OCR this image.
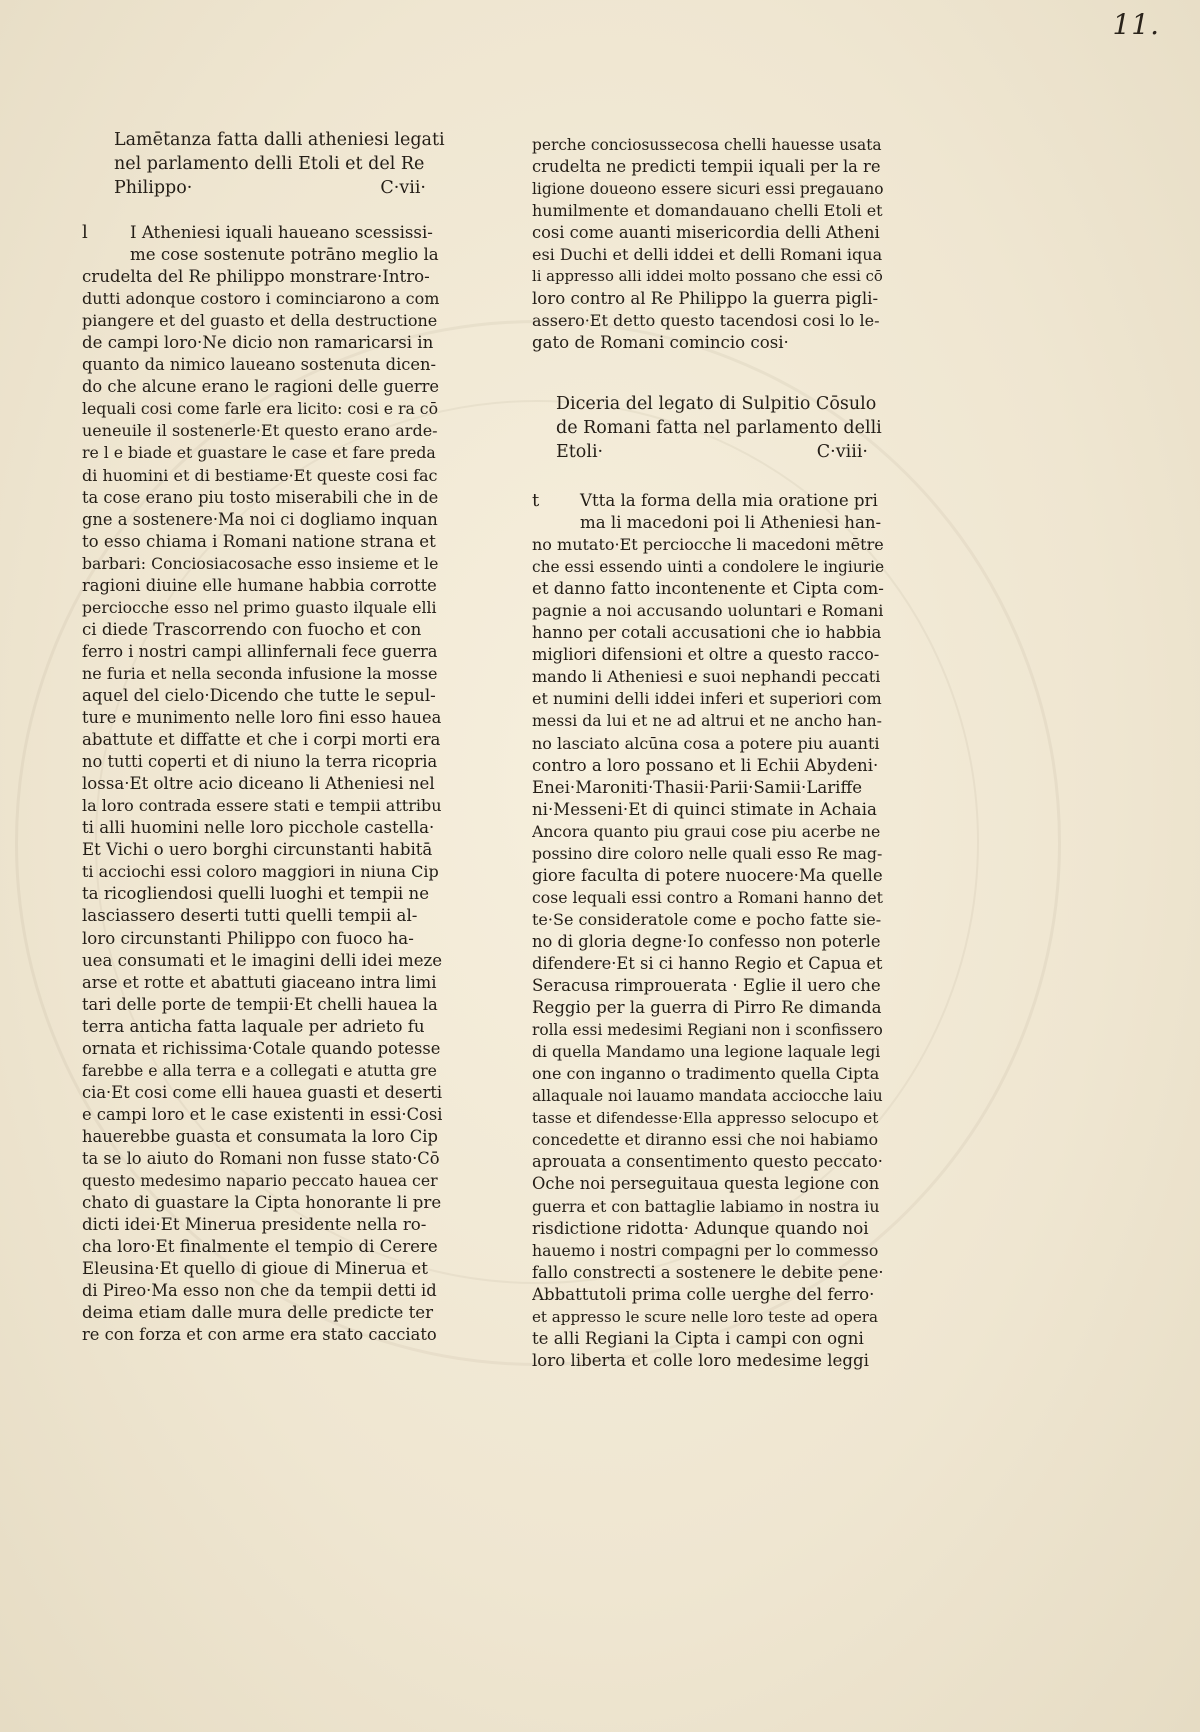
11.
Lamētanza fatta dalli atheniesi legati
nel parlamento delli Etoli et del Re
Philippo·	C·vii·
l	I Atheniesi iquali haueano scessissi-
me cose sostenute potrāno meglio la
crudelta del Re philippo monstrare·Intro-
dutti adonque costoro i cominciarono a com
piangere et del guasto et della destructione
de campi loro·Ne dicio non ramaricarsi in
quanto da nimico laueano sostenuta dicen-
do che alcune erano le ragioni delle guerre
lequali cosi come farle era licito: cosi e ra cō
ueneuile il sostenerle·Et questo erano arde-
re l e biade et guastare le case et fare preda
di huomini et di bestiame·Et queste cosi fac
ta cose erano piu tosto miserabili che in de
gne a sostenere·Ma noi ci dogliamo inquan
to esso chiama i Romani natione strana et
barbari: Conciosiacosache esso insieme et le
ragioni diuine elle humane habbia corrotte
perciocche esso nel primo guasto ilquale elli
ci diede Trascorrendo con fuocho et con
ferro i nostri campi allinfernali fece guerra
ne furia et nella seconda infusione la mosse
aquel del cielo·Dicendo che tutte le sepul-
ture e munimento nelle loro fini esso hauea
abattute et diffatte et che i corpi morti era
no tutti coperti et di niuno la terra ricopria
lossa·Et oltre acio diceano li Atheniesi nel
la loro contrada essere stati e tempii attribu
ti alli huomini nelle loro picchole castella·
Et Vichi o uero borghi circunstanti habitā
ti acciochi essi coloro maggiori in niuna Cip
ta ricogliendosi quelli luoghi et tempii ne
lasciassero deserti tutti quelli tempii al-
loro circunstanti Philippo con fuoco ha-
uea consumati et le imagini delli idei meze
arse et rotte et abattuti giaceano intra limi
tari delle porte de tempii·Et chelli hauea la
terra anticha fatta laquale per adrieto fu
ornata et richissima·Cotale quando potesse
farebbe e alla terra e a collegati e atutta gre
cia·Et cosi come elli hauea guasti et deserti
e campi loro et le case existenti in essi·Cosi
hauerebbe guasta et consumata la loro Cip
ta se lo aiuto do Romani non fusse stato·Cō
questo medesimo napario peccato hauea cer
chato di guastare la Cipta honorante li pre
dicti idei·Et Minerua presidente nella ro-
cha loro·Et finalmente el tempio di Cerere
Eleusina·Et quello di gioue di Minerua et
di Pireo·Ma esso non che da tempii detti id
deima etiam dalle mura delle predicte ter
re con forza et con arme era stato cacciato
perche conciosussecosa chelli hauesse usata
crudelta ne predicti tempii iquali per la re
ligione doueono essere sicuri essi pregauano
humilmente et domandauano chelli Etoli et
cosi come auanti misericordia delli Atheni
esi Duchi et delli iddei et delli Romani iqua
li appresso alli iddei molto possano che essi cō
loro contro al Re Philippo la guerra pigli-
assero·Et detto questo tacendosi cosi lo le-
gato de Romani comincio cosi·
Diceria del legato di Sulpitio Cōsulo
de Romani fatta nel parlamento delli
Etoli·	C·viii·
t	Vtta la forma della mia oratione pri
ma li macedoni poi li Atheniesi han-
no mutato·Et perciocche li macedoni mētre
che essi essendo uinti a condolere le ingiurie
et danno fatto incontenente et Cipta com-
pagnie a noi accusando uoluntari e Romani
hanno per cotali accusationi che io habbia
migliori difensioni et oltre a questo racco-
mando li Atheniesi e suoi nephandi peccati
et numini delli iddei inferi et superiori com
messi da lui et ne ad altrui et ne ancho han-
no lasciato alcūna cosa a potere piu auanti
contro a loro possano et li Echii Abydeni·
Enei·Maroniti·Thasii·Parii·Samii·Lariffe
ni·Messeni·Et di quinci stimate in Achaia
Ancora quanto piu graui cose piu acerbe ne
possino dire coloro nelle quali esso Re mag-
giore faculta di potere nuocere·Ma quelle
cose lequali essi contro a Romani hanno det
te·Se consideratole come e pocho fatte sie-
no di gloria degne·Io confesso non poterle
difendere·Et si ci hanno Regio et Capua et
Seracusa rimprouerata · Eglie il uero che
Reggio per la guerra di Pirro Re dimanda
rolla essi medesimi Regiani non i sconfissero
di quella Mandamo una legione laquale legi
one con inganno o tradimento quella Cipta
allaquale noi lauamo mandata acciocche laiu
tasse et difendesse·Ella appresso selocupo et
concedette et diranno essi che noi habiamo
aprouata a consentimento questo peccato·
Oche noi perseguitaua questa legione con
guerra et con battaglie labiamo in nostra iu
risdictione ridotta· Adunque quando noi
hauemo i nostri compagni per lo commesso
fallo constrecti a sostenere le debite pene·
Abbattutoli prima colle uerghe del ferro·
et appresso le scure nelle loro teste ad opera
te alli Regiani la Cipta i campi con ogni
loro liberta et colle loro medesime leggi
